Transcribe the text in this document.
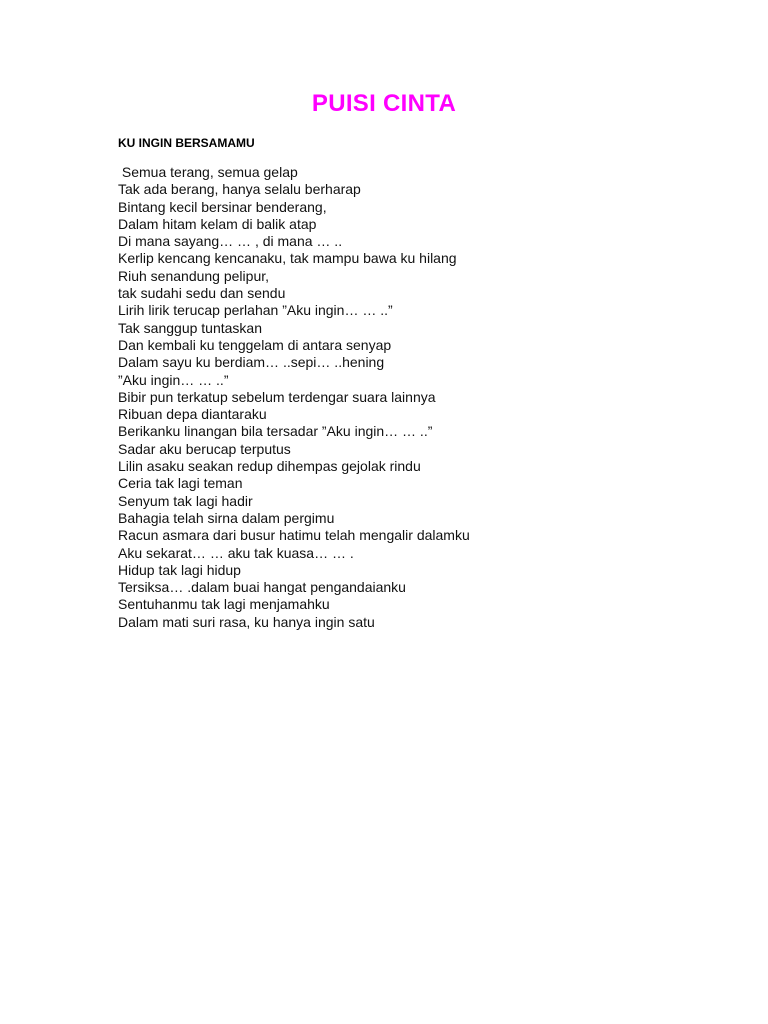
PUISI CINTA
KU INGIN BERSAMAMU
Semua terang, semua gelap
Tak ada berang, hanya selalu berharap
Bintang kecil bersinar benderang,
Dalam hitam kelam di balik atap
Di mana sayang… … , di mana … ..
Kerlip kencang kencanaku, tak mampu bawa ku hilang
Riuh senandung pelipur,
tak sudahi sedu dan sendu
Lirih lirik terucap perlahan ”Aku ingin… … ..”
Tak sanggup tuntaskan
Dan kembali ku tenggelam di antara senyap
Dalam sayu ku berdiam… ..sepi… ..hening
”Aku ingin… … ..”
Bibir pun terkatup sebelum terdengar suara lainnya
Ribuan depa diantaraku
Berikanku linangan bila tersadar ”Aku ingin… … ..”
Sadar aku berucap terputus
Lilin asaku seakan redup dihempas gejolak rindu
Ceria tak lagi teman
Senyum tak lagi hadir
Bahagia telah sirna dalam pergimu
Racun asmara dari busur hatimu telah mengalir dalamku
Aku sekarat… … aku tak kuasa… … .
Hidup tak lagi hidup
Tersiksa… .dalam buai hangat pengandaianku
Sentuhanmu tak lagi menjamahku
Dalam mati suri rasa, ku hanya ingin satu
